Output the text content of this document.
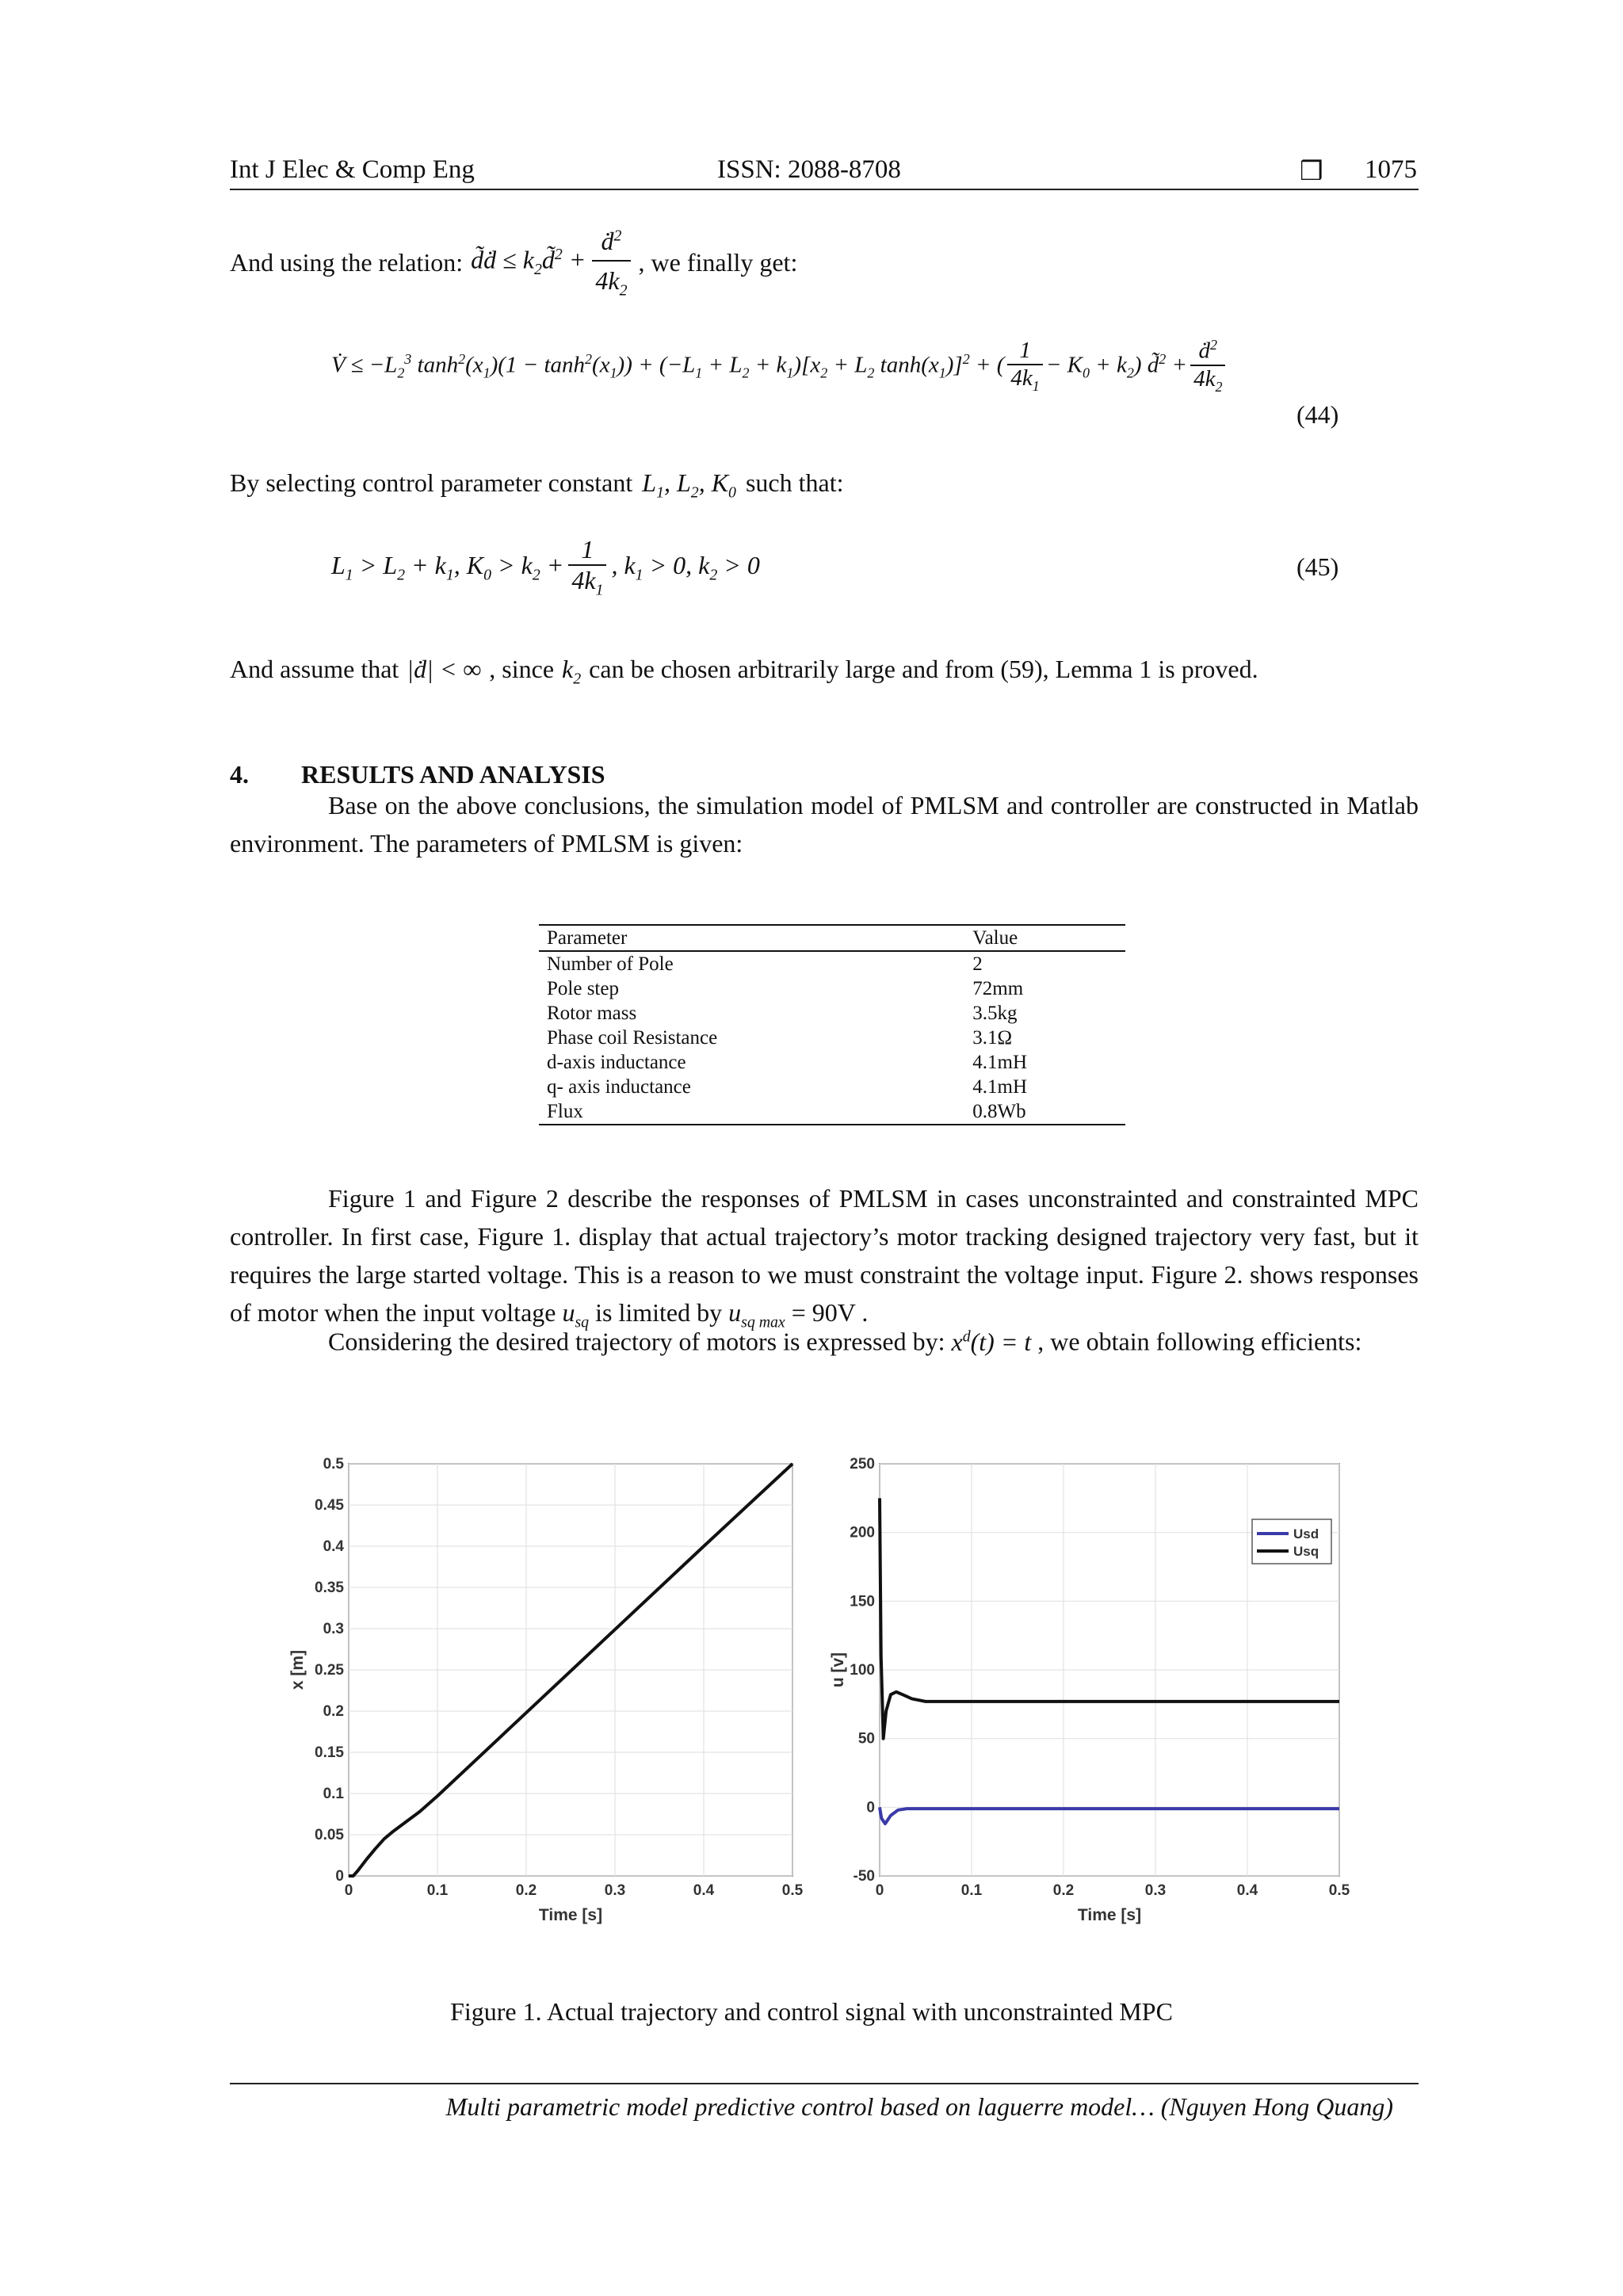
Int J Elec & Comp Eng	ISSN: 2088-8708	❒ 1075
And using the relation: d̃ḋ ≤ $k_2d̃^2 + \frac{ḋ^2}{4k_2}$ , we finally get:
V̇ ≤ $-L_2^3$ $\tanh^2(x_1)(1 - \tanh^2(x_1)) + (-L_1 + L_2 + k_1)[x_2 + L_2$ $\tanh(x_1)]^2$ + ( $\frac{1}{4k_1} - K_0 + k_2$) d̃$^2$ + $\frac{ḋ^2}{4k_2}$
(44)
By selecting control parameter constant $L_1$, $L_2$, $K_0$ such that:
$L_1 > L_2 + k_1$, $K_0 > k_2 + \frac{1}{4k_1}$ , $k_1 > 0$, $k_2 > 0$	(45)
And assume that |ḋ| < ∞ , since $k_2$ can be chosen arbitrarily large and from (59), Lemma 1 is proved.
4. RESULTS AND ANALYSIS
Base on the above conclusions, the simulation model of PMLSM and controller are constructed in Matlab environment. The parameters of PMLSM is given:
Parameter	Value
Number of Pole	2
Pole step	72mm
Rotor mass	3.5kg
Phase coil Resistance	3.1Ω
d-axis inductance	4.1mH
q- axis inductance	4.1mH
Flux	0.8Wb
Figure 1 and Figure 2 describe the responses of PMLSM in cases unconstrainted and constrainted MPC controller. In first case, Figure 1. display that actual trajectory’s motor tracking designed trajectory very fast, but it requires the large started voltage. This is a reason to we must constraint the voltage input. Figure 2. shows responses of motor when the input voltage $u_{sq}$ is limited by $u_{sq max} = 90V$ .
Considering the desired trajectory of motors is expressed by: $x^d(t) = t$ , we obtain following efficients:
0	0.1	0.2	0.3	0.4	0.5
0
0.05
0.1
0.15
0.2
0.25
0.3
0.35
0.4
0.45
0.5
Time [s]
x [m]
0	0.1	0.2	0.3	0.4	0.5
-50
0
50
100
150
200
250
Time [s]
u [v]
Usd
Usq
Figure 1. Actual trajectory and control signal with unconstrainted MPC
Multi parametric model predictive control based on laguerre model… (Nguyen Hong Quang)
